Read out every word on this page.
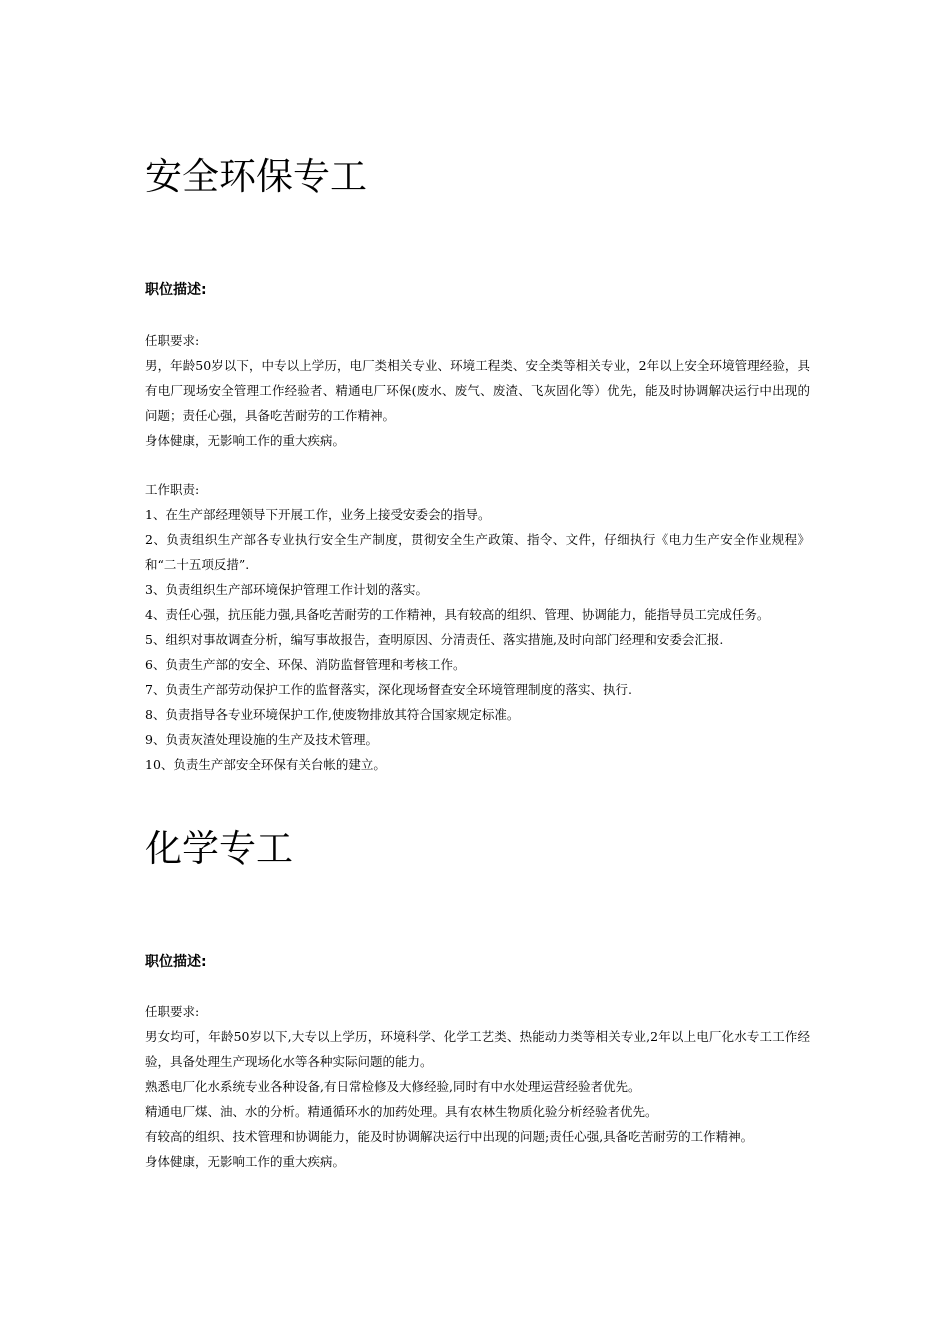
安全环保专工

职位描述:

任职要求:

男，年龄50岁以下，中专以上学历，电厂类相关专业、环境工程类、安全类等相关专业，2年以上安全环境管理经验，具有电厂现场安全管理工作经验者、精通电厂环保(废水、废气、废渣、飞灰固化等）优先，能及时协调解决运行中出现的问题；责任心强，具备吃苦耐劳的工作精神。

身体健康，无影响工作的重大疾病。

工作职责:

1、在生产部经理领导下开展工作，业务上接受安委会的指导。

2、负责组织生产部各专业执行安全生产制度，贯彻安全生产政策、指令、文件，仔细执行《电力生产安全作业规程》和“二十五项反措”.

3、负责组织生产部环境保护管理工作计划的落实。

4、责任心强，抗压能力强,具备吃苦耐劳的工作精神，具有较高的组织、管理、协调能力，能指导员工完成任务。

5、组织对事故调查分析，编写事故报告，查明原因、分清责任、落实措施,及时向部门经理和安委会汇报.

6、负责生产部的安全、环保、消防监督管理和考核工作。

7、负责生产部劳动保护工作的监督落实，深化现场督查安全环境管理制度的落实、执行.

8、负责指导各专业环境保护工作,使废物排放其符合国家规定标准。

9、负责灰渣处理设施的生产及技术管理。

10、负责生产部安全环保有关台帐的建立。

化学专工

职位描述:

任职要求:

男女均可，年龄50岁以下,大专以上学历，环境科学、化学工艺类、热能动力类等相关专业,2年以上电厂化水专工工作经验，具备处理生产现场化水等各种实际问题的能力。

熟悉电厂化水系统专业各种设备,有日常检修及大修经验,同时有中水处理运营经验者优先。

精通电厂煤、油、水的分析。精通循环水的加药处理。具有农林生物质化验分析经验者优先。

有较高的组织、技术管理和协调能力，能及时协调解决运行中出现的问题;责任心强,具备吃苦耐劳的工作精神。

身体健康，无影响工作的重大疾病。
